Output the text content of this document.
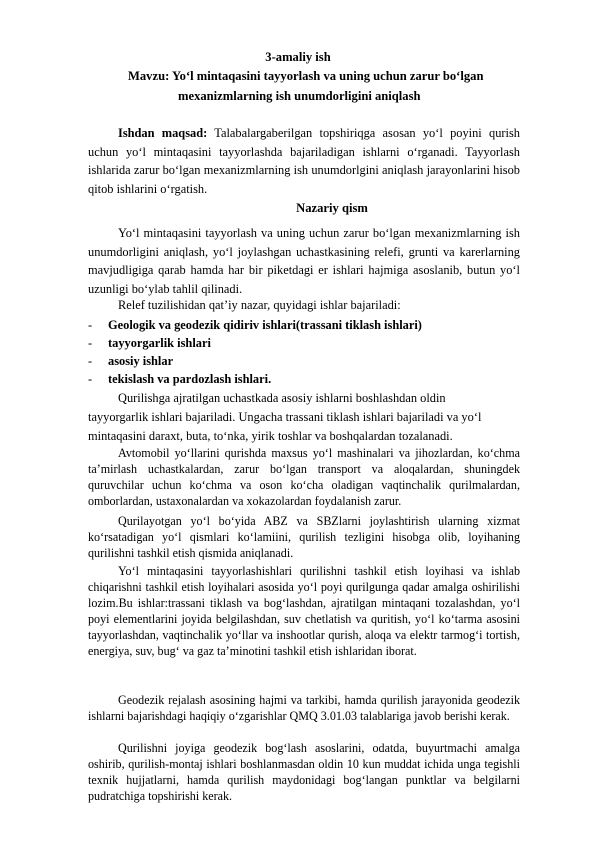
3-amaliy ish
Mavzu: Yo‘l mintaqasini tayyorlash va uning uchun zarur bo‘lgan
mexanizmlarning ish unumdorligini aniqlash

Ishdan maqsad: Talabalargaberilgan topshiriqga asosan yo‘l poyini qurish uchun yo‘l mintaqasini tayyorlashda bajariladigan ishlarni o‘rganadi. Tayyorlash ishlarida zarur bo‘lgan mexanizmlarning ish unumdorlgini aniqlash jarayonlarini hisob qitob ishlarini o‘rgatish.

Nazariy qism

Yo‘l mintaqasini tayyorlash va uning uchun zarur bo‘lgan mexanizmlarning ish unumdorligini aniqlash, yo‘l joylashgan uchastkasining relefi, grunti va karerlarning mavjudligiga qarab hamda har bir piketdagi er ishlari hajmiga asoslanib, butun yo‘l uzunligi bo‘ylab tahlil qilinadi.

Relef tuzilishidan qat’iy nazar, quyidagi ishlar bajariladi:
- Geologik va geodezik qidiriv ishlari(trassani tiklash ishlari)
- tayyorgarlik ishlari
- asosiy ishlar
- tekislash va pardozlash ishlari.
Qurilishga ajratilgan uchastkada asosiy ishlarni boshlashdan oldin
tayyorgarlik ishlari bajariladi. Ungacha trassani tiklash ishlari bajariladi va yo‘l
mintaqasini daraxt, buta, to‘nka, yirik toshlar va boshqalardan tozalanadi.

Avtomobil yo‘llarini qurishda maxsus yo‘l mashinalari va jihozlardan, ko‘chma ta’mirlash uchastkalardan, zarur bo‘lgan transport va aloqalardan, shuningdek quruvchilar uchun ko‘chma va oson ko‘cha oladigan vaqtinchalik qurilmalardan, omborlardan, ustaxonalardan va xokazolardan foydalanish zarur.

Qurilayotgan yo‘l bo‘yida ABZ va SBZlarni joylashtirish ularning xizmat ko‘rsatadigan yo‘l qismlari ko‘lamiini, qurilish tezligini hisobga olib, loyihaning qurilishni tashkil etish qismida aniqlanadi.

Yo‘l mintaqasini tayyorlashishlari qurilishni tashkil etish loyihasi va ishlab chiqarishni tashkil etish loyihalari asosida yo‘l poyi qurilgunga qadar amalga oshirilishi lozim.Bu ishlar:trassani tiklash va bog‘lashdan, ajratilgan mintaqani tozalashdan, yo‘l poyi elementlarini joyida belgilashdan, suv chetlatish va quritish, yo‘l ko‘tarma asosini tayyorlashdan, vaqtinchalik yo‘llar va inshootlar qurish, aloqa va elektr tarmog‘i tortish, energiya, suv, bug‘ va gaz ta’minotini tashkil etish ishlaridan iborat.

Geodezik rejalash asosining hajmi va tarkibi, hamda qurilish jarayonida geodezik ishlarni bajarishdagi haqiqiy o‘zgarishlar QMQ 3.01.03 talablariga javob berishi kerak.

Qurilishni joyiga geodezik bog‘lash asoslarini, odatda, buyurtmachi amalga oshirib, qurilish-montaj ishlari boshlanmasdan oldin 10 kun muddat ichida unga tegishli texnik hujjatlarni, hamda qurilish maydonidagi bog‘langan punktlar va belgilarni pudratchiga topshirishi kerak.
